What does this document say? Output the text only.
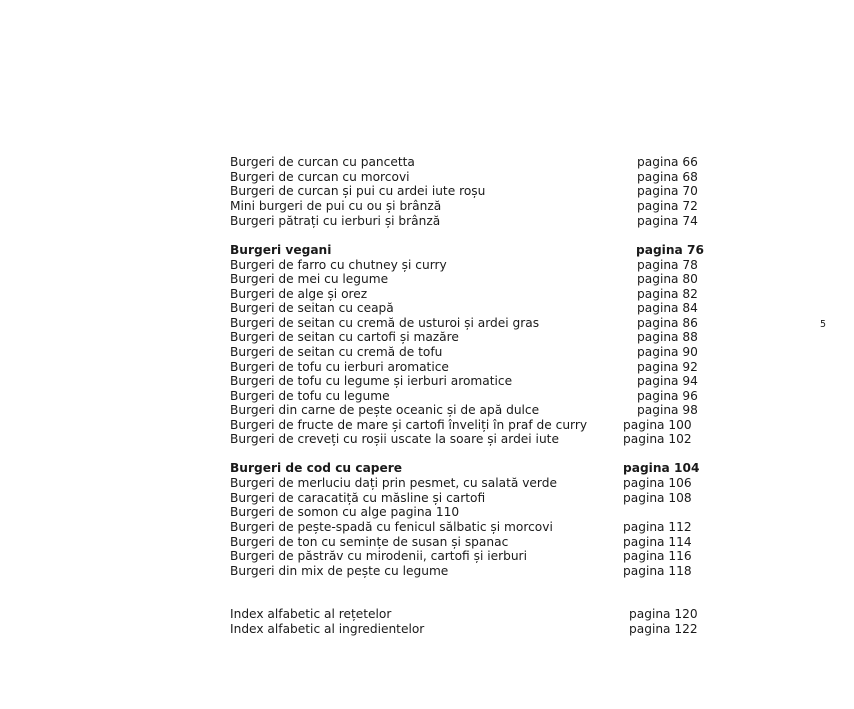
Burgeri de curcan cu pancetta	pagina 66
Burgeri de curcan cu morcovi	pagina 68
Burgeri de curcan și pui cu ardei iute roșu	pagina 70
Mini burgeri de pui cu ou și brânză	pagina 72
Burgeri pătrați cu ierburi și brânză	pagina 74
Burgeri vegani	pagina 76
Burgeri de farro cu chutney și curry	pagina 78
Burgeri de mei cu legume	pagina 80
Burgeri de alge și orez	pagina 82
Burgeri de seitan cu ceapă	pagina 84
Burgeri de seitan cu cremă de usturoi și ardei gras	pagina 86
Burgeri de seitan cu cartofi și mazăre	pagina 88
Burgeri de seitan cu cremă de tofu	pagina 90
Burgeri de tofu cu ierburi aromatice	pagina 92
Burgeri de tofu cu legume și ierburi aromatice	pagina 94
Burgeri de tofu cu legume	pagina 96
Burgeri din carne de pește oceanic și de apă dulce	pagina 98
Burgeri de fructe de mare și cartofi înveliți în praf de curry	pagina 100
Burgeri de creveți cu roșii uscate la soare și ardei iute	pagina 102
Burgeri de cod cu capere	pagina 104
Burgeri de merluciu dați prin pesmet, cu salată verde	pagina 106
Burgeri de caracatiță cu măsline și cartofi	pagina 108
Burgeri de somon cu alge pagina 110
Burgeri de pește-spadă cu fenicul sălbatic și morcovi	pagina 112
Burgeri de ton cu semințe de susan și spanac	pagina 114
Burgeri de păstrăv cu mirodenii, cartofi și ierburi	pagina 116
Burgeri din mix de pește cu legume	pagina 118
Index alfabetic al rețetelor	pagina 120
Index alfabetic al ingredientelor	pagina 122
5
